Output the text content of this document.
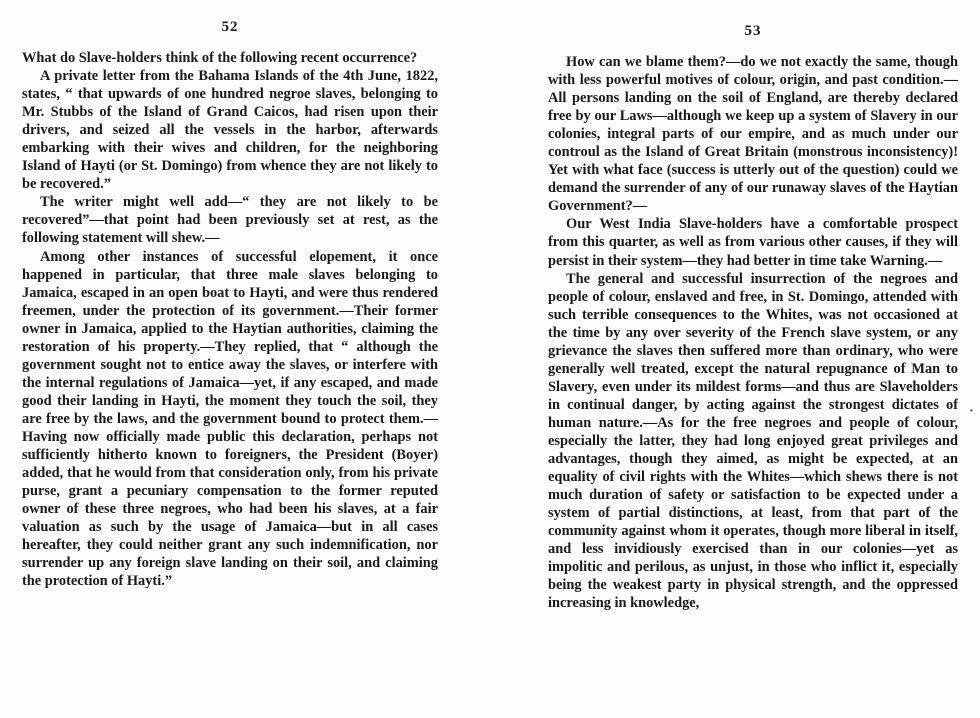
52

What do Slave-holders think of the following recent occurrence?

A private letter from the Bahama Islands of the 4th June, 1822, states, “ that upwards of one hundred negroe slaves, belonging to Mr. Stubbs of the Island of Grand Caicos, had risen upon their drivers, and seized all the vessels in the harbor, afterwards embarking with their wives and children, for the neighboring Island of Hayti (or St. Domingo) from whence they are not likely to be recovered.”

The writer might well add—“ they are not likely to be recovered”—that point had been previously set at rest, as the following statement will shew.—

Among other instances of successful elopement, it once happened in particular, that three male slaves belonging to Jamaica, escaped in an open boat to Hayti, and were thus rendered freemen, under the protection of its government.—Their former owner in Jamaica, applied to the Haytian authorities, claiming the restoration of his property.—They replied, that “ although the government sought not to entice away the slaves, or interfere with the internal regulations of Jamaica—yet, if any escaped, and made good their landing in Hayti, the moment they touch the soil, they are free by the laws, and the government bound to protect them.—Having now officially made public this declaration, perhaps not sufficiently hitherto known to foreigners, the President (Boyer) added, that he would from that consideration only, from his private purse, grant a pecuniary compensation to the former reputed owner of these three negroes, who had been his slaves, at a fair valuation as such by the usage of Jamaica—but in all cases hereafter, they could neither grant any such indemnification, nor surrender up any foreign slave landing on their soil, and claiming the protection of Hayti.”

53

How can we blame them?—do we not exactly the same, though with less powerful motives of colour, origin, and past condition.—All persons landing on the soil of England, are thereby declared free by our Laws—although we keep up a system of Slavery in our colonies, integral parts of our empire, and as much under our controul as the Island of Great Britain (monstrous inconsistency)! Yet with what face (success is utterly out of the question) could we demand the surrender of any of our runaway slaves of the Haytian Government?—

Our West India Slave-holders have a comfortable prospect from this quarter, as well as from various other causes, if they will persist in their system—they had better in time take Warning.—

The general and successful insurrection of the negroes and people of colour, enslaved and free, in St. Domingo, attended with such terrible consequences to the Whites, was not occasioned at the time by any over severity of the French slave system, or any grievance the slaves then suffered more than ordinary, who were generally well treated, except the natural repugnance of Man to Slavery, even under its mildest forms—and thus are Slaveholders in continual danger, by acting against the strongest dictates of human nature.—As for the free negroes and people of colour, especially the latter, they had long enjoyed great privileges and advantages, though they aimed, as might be expected, at an equality of civil rights with the Whites—which shews there is not much duration of safety or satisfaction to be expected under a system of partial distinctions, at least, from that part of the community against whom it operates, though more liberal in itself, and less invidiously exercised than in our colonies—yet as impolitic and perilous, as unjust, in those who inflict it, especially being the weakest party in physical strength, and the oppressed increasing in knowledge,

·
